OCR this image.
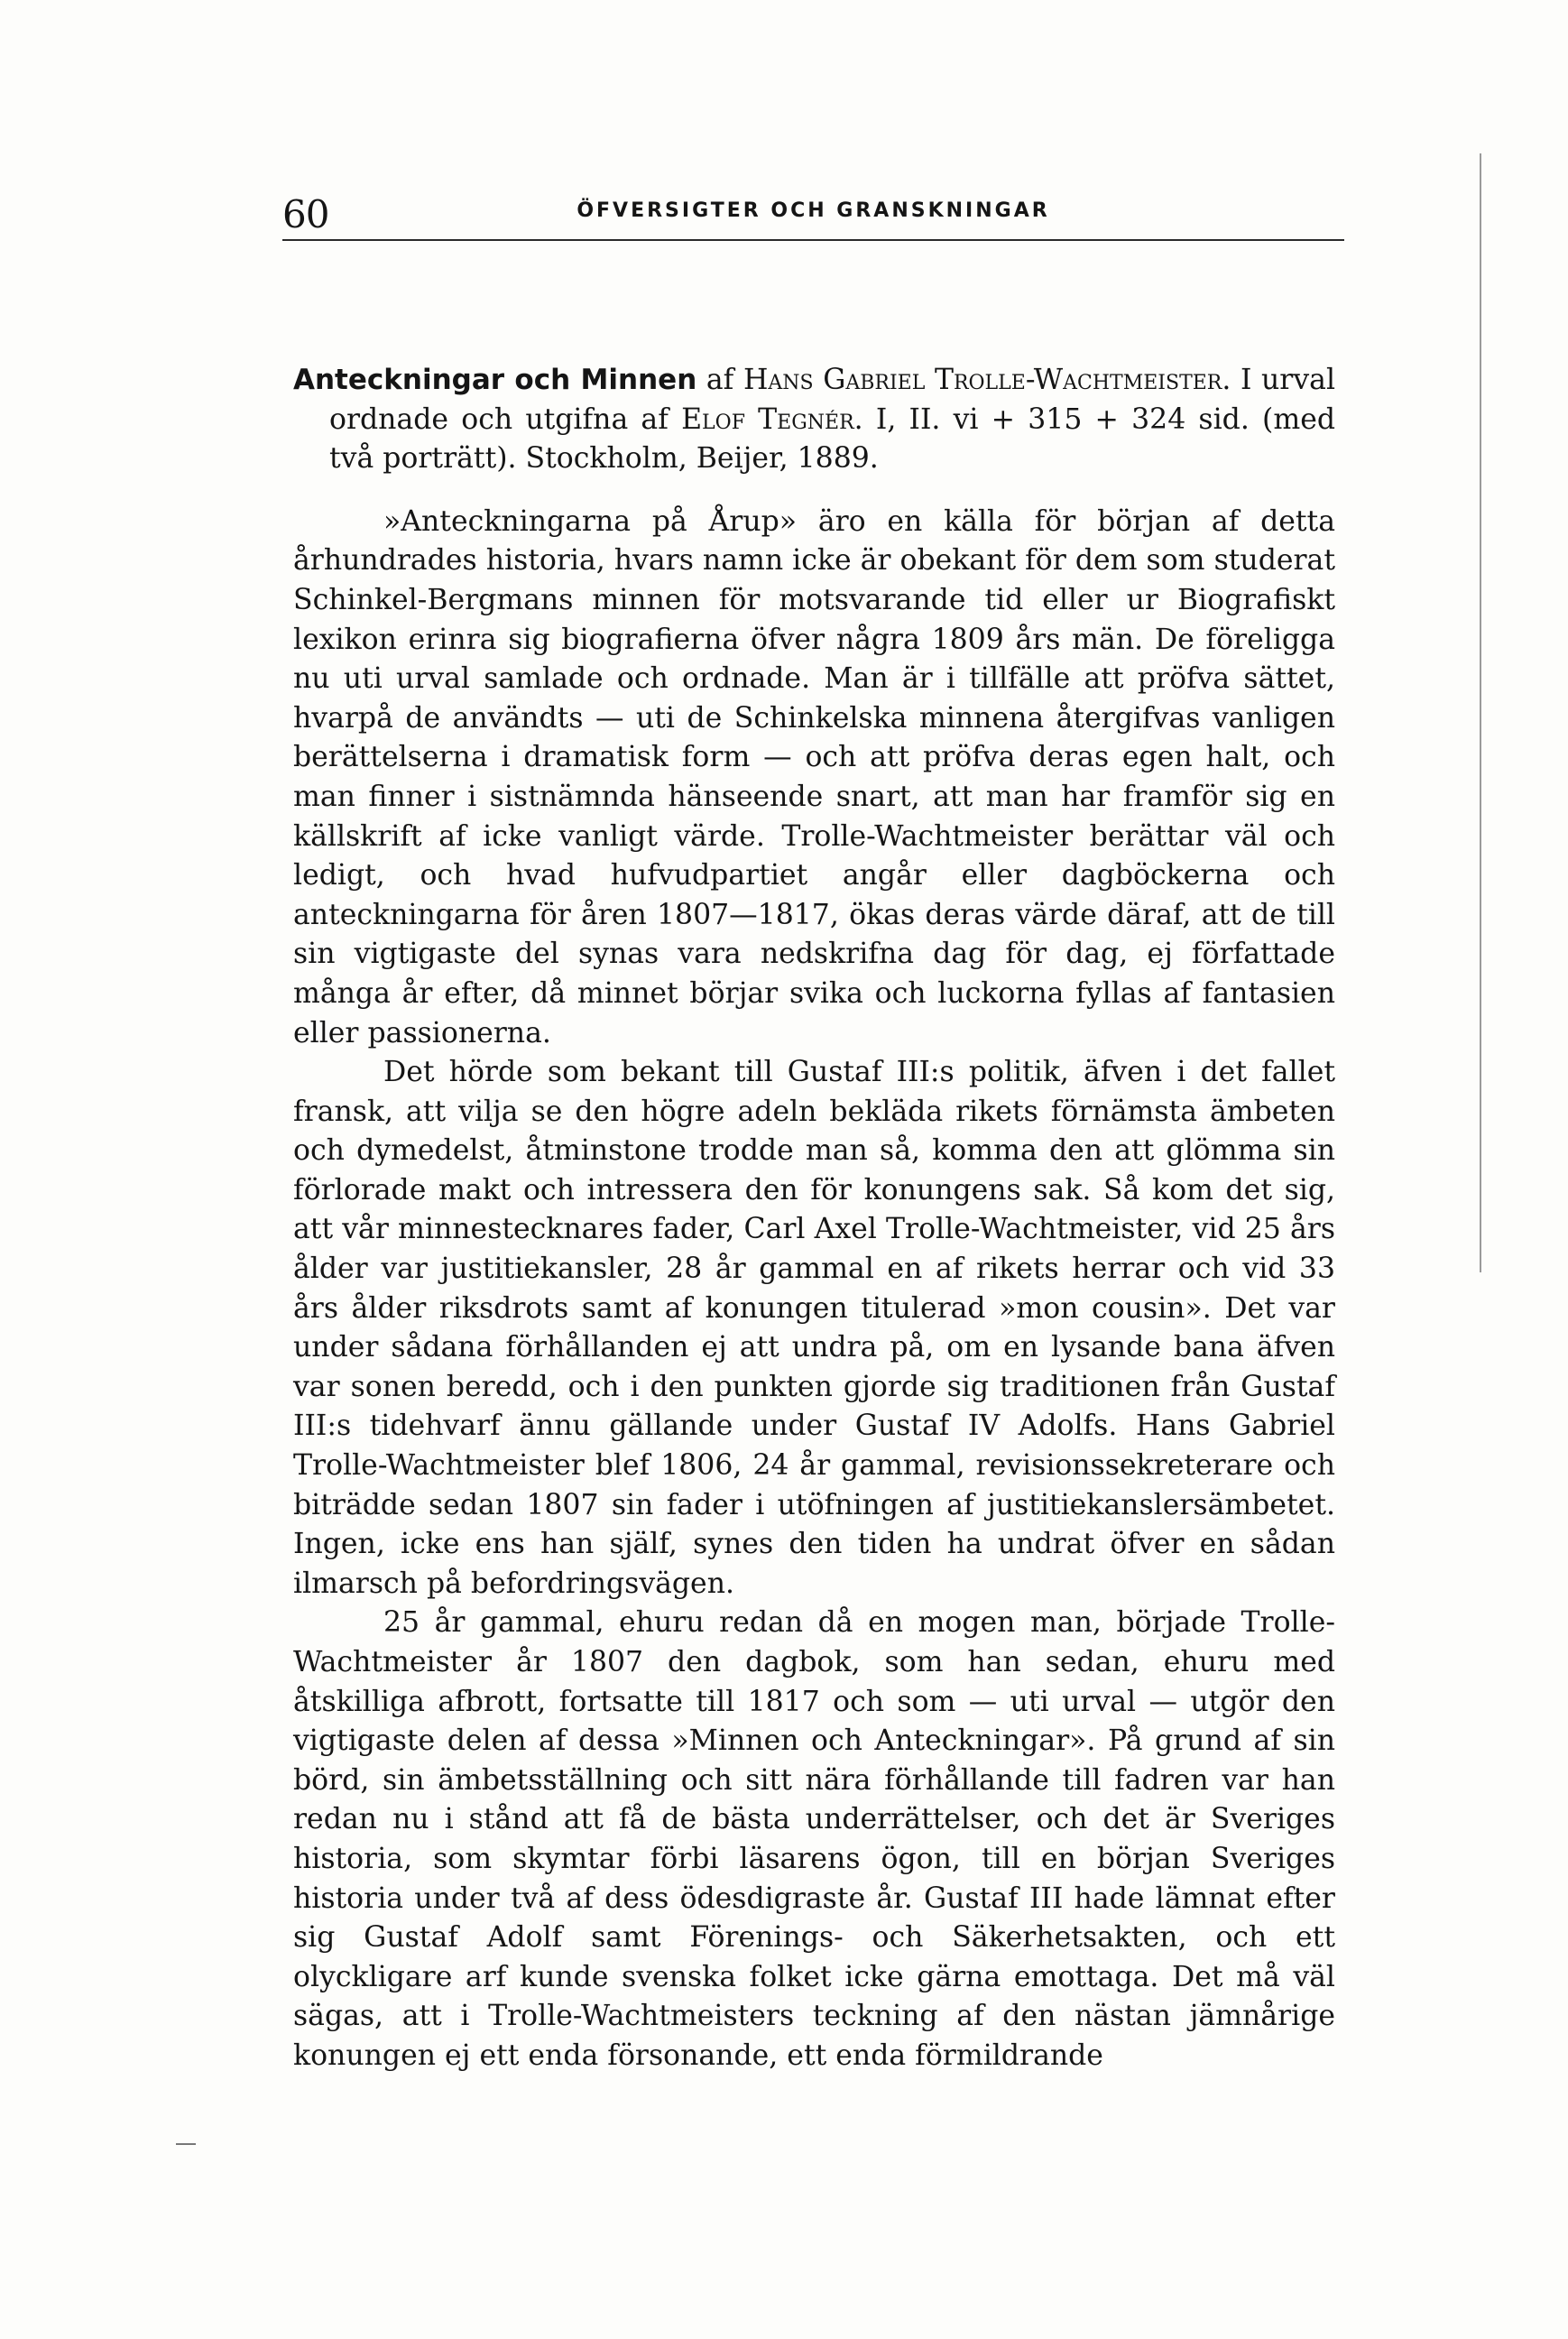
60	ÖFVERSIGTER OCH GRANSKNINGAR

Anteckningar och Minnen af Hans Gabriel Trolle-Wachtmeister. I urval ordnade och utgifna af Elof Tegnér. I, II. vi + 315 + 324 sid. (med två porträtt). Stockholm, Beijer, 1889.

»Anteckningarna på Årup» äro en källa för början af detta århundrades historia, hvars namn icke är obekant för dem som studerat Schinkel-Bergmans minnen för motsvarande tid eller ur Biografiskt lexikon erinra sig biografierna öfver några 1809 års män. De föreligga nu uti urval samlade och ordnade. Man är i tillfälle att pröfva sättet, hvarpå de användts — uti de Schinkelska minnena återgifvas vanligen berättelserna i dramatisk form — och att pröfva deras egen halt, och man finner i sistnämnda hänseende snart, att man har framför sig en källskrift af icke vanligt värde. Trolle-Wachtmeister berättar väl och ledigt, och hvad hufvudpartiet angår eller dagböckerna och anteckningarna för åren 1807—1817, ökas deras värde däraf, att de till sin vigtigaste del synas vara nedskrifna dag för dag, ej författade många år efter, då minnet börjar svika och luckorna fyllas af fantasien eller passionerna.

Det hörde som bekant till Gustaf III:s politik, äfven i det fallet fransk, att vilja se den högre adeln bekläda rikets förnämsta ämbeten och dymedelst, åtminstone trodde man så, komma den att glömma sin förlorade makt och intressera den för konungens sak. Så kom det sig, att vår minnestecknares fader, Carl Axel Trolle-Wachtmeister, vid 25 års ålder var justitiekansler, 28 år gammal en af rikets herrar och vid 33 års ålder riksdrots samt af konungen titulerad »mon cousin». Det var under sådana förhållanden ej att undra på, om en lysande bana äfven var sonen beredd, och i den punkten gjorde sig traditionen från Gustaf III:s tidehvarf ännu gällande under Gustaf IV Adolfs. Hans Gabriel Trolle-Wachtmeister blef 1806, 24 år gammal, revisionssekreterare och biträdde sedan 1807 sin fader i utöfningen af justitiekanslersämbetet. Ingen, icke ens han själf, synes den tiden ha undrat öfver en sådan ilmarsch på befordringsvägen.

25 år gammal, ehuru redan då en mogen man, började Trolle-Wachtmeister år 1807 den dagbok, som han sedan, ehuru med åtskilliga afbrott, fortsatte till 1817 och som — uti urval — utgör den vigtigaste delen af dessa »Minnen och Anteckningar». På grund af sin börd, sin ämbetsställning och sitt nära förhållande till fadren var han redan nu i stånd att få de bästa underrättelser, och det är Sveriges historia, som skymtar förbi läsarens ögon, till en början Sveriges historia under två af dess ödesdigraste år. Gustaf III hade lämnat efter sig Gustaf Adolf samt Förenings- och Säkerhetsakten, och ett olyckligare arf kunde svenska folket icke gärna emottaga. Det må väl sägas, att i Trolle-Wachtmeisters teckning af den nästan jämnårige konungen ej ett enda försonande, ett enda förmildrande
